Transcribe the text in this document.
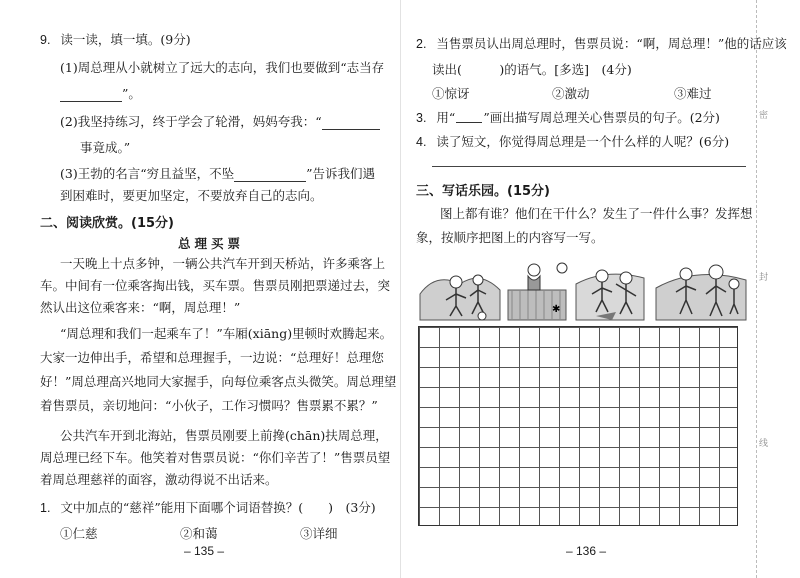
密
封
线
9. 读一读，填一填。(9分)
(1)周总理从小就树立了远大的志向，我们也要做到“志当存
”。
(2)我坚持练习，终于学会了轮滑，妈妈夸我：“
事竟成。”
(3)王勃的名言“穷且益坚，不坠	”告诉我们遇
到困难时，要更加坚定，不要放弃自己的志向。
二、阅读欣赏。(15分)
总理买票
一天晚上十点多钟，一辆公共汽车开到天桥站，许多乘客上
车。中间有一位乘客掏出钱，买车票。售票员刚把票递过去，突
然认出这位乘客来：“啊，周总理！”
“周总理和我们一起乘车了！”车厢(xiāng)里顿时欢腾起来。
大家一边伸出手，希望和总理握手，一边说：“总理好！总理您
好！”周总理高兴地同大家握手，向每位乘客点头微笑。周总理望
着售票员，亲切地问：“小伙子，工作习惯吗？售票累不累？”
公共汽车开到北海站，售票员刚要上前搀(chān)扶周总理，
周总理已经下车。他笑着对售票员说：“你们辛苦了！”售票员望
着周总理慈祥的面容，激动得说不出话来。
1. 文中加点的“慈祥”能用下面哪个词语替换？(　　)　(3分)
①仁慈	②和蔼	③详细
– 135 –
2. 当售票员认出周总理时，售票员说：“啊，周总理！”他的话应该
读出(　　　)的语气。[多选]　(4分)
①惊讶	②激动	③难过
3. 用“ ”画出描写周总理关心售票员的句子。(2分)
4. 读了短文，你觉得周总理是一个什么样的人呢？(6分)
三、写话乐园。(15分)
图上都有谁？他们在干什么？发生了一件什么事？发挥想
象，按顺序把图上的内容写一写。
✱
– 136 –
